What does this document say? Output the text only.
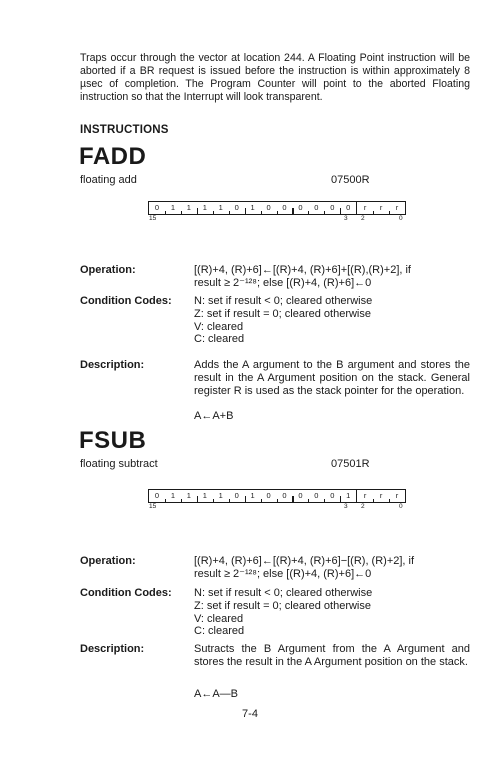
Traps occur through the vector at location 244. A Floating Point instruction will be aborted if a BR request is issued before the instruction is within approximately 8 µsec of completion. The Program Counter will point to the aborted Floating instruction so that the Interrupt will look transparent.
INSTRUCTIONS
FADD
floating add	07500R
0	1	1	1	1	0	1	0	0	0	0	0	0	r	r	r
15	3 2	0
Operation:	[(R)+4, (R)+6]←[(R)+4, (R)+6]+[(R),(R)+2], if
result ≥ 2⁻¹²⁸; else [(R)+4, (R)+6]←0
Condition Codes: N: set if result < 0; cleared otherwise
Z: set if result = 0; cleared otherwise
V: cleared
C: cleared
Description:	Adds the A argument to the B argument and stores the result in the A Argument position on the stack. General register R is used as the stack pointer for the operation.
A←A+B
FSUB
floating subtract	07501R
0	1	1	1	1	0	1	0	0	0	0	0	1	r	r	r
15	3 2	0
Operation:	[(R)+4, (R)+6]←[(R)+4, (R)+6]−[(R), (R)+2], if
result ≥ 2⁻¹²⁸; else [(R)+4, (R)+6]←0
Condition Codes: N: set if result < 0; cleared otherwise
Z: set if result = 0; cleared otherwise
V: cleared
C: cleared
Description:	Sutracts the B Argument from the A Argument and stores the result in the A Argument position on the stack.
A←A—B
7-4
